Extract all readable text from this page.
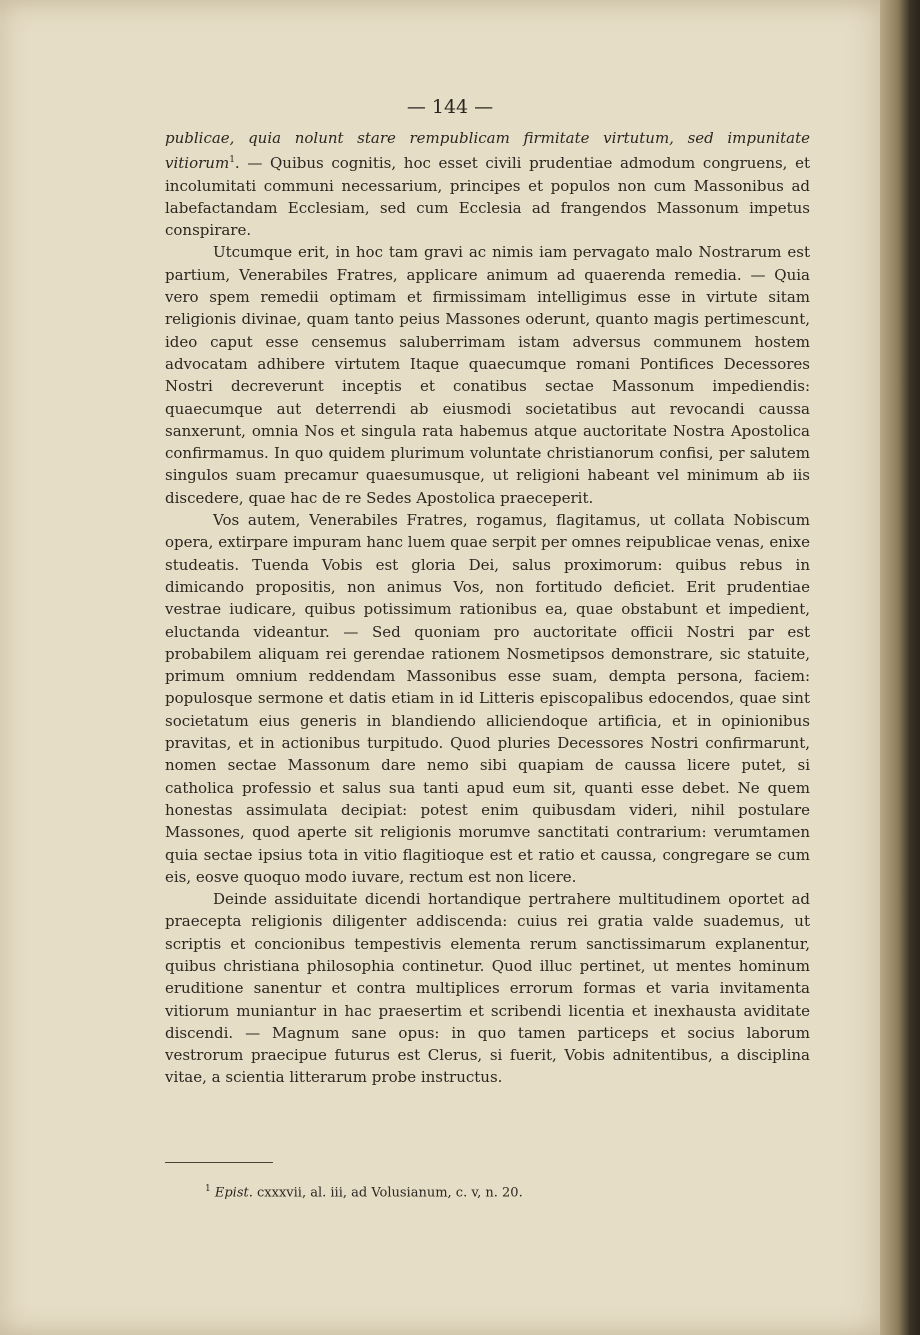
— 144 —

publicae, quia nolunt stare rempublicam firmitate virtutum, sed impunitate vitiorum$^1$. — Quibus cognitis, hoc esset civili prudentiae admodum congruens, et incolumitati communi necessarium, principes et populos non cum Massonibus ad labefactandam Ecclesiam, sed cum Ecclesia ad frangendos Massonum impetus conspirare.

Utcumque erit, in hoc tam gravi ac nimis iam pervagato malo Nostrarum est partium, Venerabiles Fratres, applicare animum ad quaerenda remedia. — Quia vero spem remedii optimam et firmissimam intelligimus esse in virtute sitam religionis divinae, quam tanto peius Massones oderunt, quanto magis pertimescunt, ideo caput esse censemus saluberrimam istam adversus communem hostem advocatam adhibere virtutem Itaque quaecumque romani Pontifices Decessores Nostri decreverunt inceptis et conatibus sectae Massonum impediendis: quaecumque aut deterrendi ab eiusmodi societatibus aut revocandi caussa sanxerunt, omnia Nos et singula rata habemus atque auctoritate Nostra Apostolica confirmamus. In quo quidem plurimum voluntate christianorum confisi, per salutem singulos suam precamur quaesumusque, ut religioni habeant vel minimum ab iis discedere, quae hac de re Sedes Apostolica praeceperit.

Vos autem, Venerabiles Fratres, rogamus, flagitamus, ut collata Nobiscum opera, extirpare impuram hanc luem quae serpit per omnes reipublicae venas, enixe studeatis. Tuenda Vobis est gloria Dei, salus proximorum: quibus rebus in dimicando propositis, non animus Vos, non fortitudo deficiet. Erit prudentiae vestrae iudicare, quibus potissimum rationibus ea, quae obstabunt et impedient, eluctanda videantur. — Sed quoniam pro auctoritate officii Nostri par est probabilem aliquam rei gerendae rationem Nosmetipsos demonstrare, sic statuite, primum omnium reddendam Massonibus esse suam, dempta persona, faciem: populosque sermone et datis etiam in id Litteris episcopalibus edocendos, quae sint societatum eius generis in blandiendo alliciendoque artificia, et in opinionibus pravitas, et in actionibus turpitudo. Quod pluries Decessores Nostri confirmarunt, nomen sectae Massonum dare nemo sibi quapiam de caussa licere putet, si catholica professio et salus sua tanti apud eum sit, quanti esse debet. Ne quem honestas assimulata decipiat: potest enim quibusdam videri, nihil postulare Massones, quod aperte sit religionis morumve sanctitati contrarium: verumtamen quia sectae ipsius tota in vitio flagitioque est et ratio et caussa, congregare se cum eis, eosve quoquo modo iuvare, rectum est non licere.

Deinde assiduitate dicendi hortandique pertrahere multitudinem oportet ad praecepta religionis diligenter addiscenda: cuius rei gratia valde suademus, ut scriptis et concionibus tempestivis elementa rerum sanctissimarum explanentur, quibus christiana philosophia continetur. Quod illuc pertinet, ut mentes hominum eruditione sanentur et contra multiplices errorum formas et varia invitamenta vitiorum muniantur in hac praesertim et scribendi licentia et inexhausta aviditate discendi. — Magnum sane opus: in quo tamen particeps et socius laborum vestrorum praecipue futurus est Clerus, si fuerit, Vobis adnitentibus, a disciplina vitae, a scientia litterarum probe instructus.

$^1$ Epist. cxxxvii, al. iii, ad Volusianum, c. v, n. 20.
